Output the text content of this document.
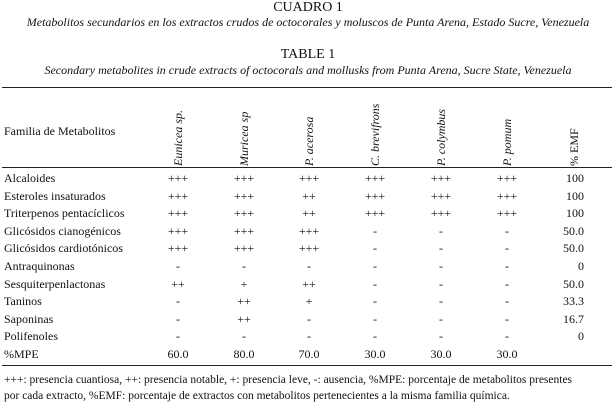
CUADRO 1
Metabolitos secundarios en los extractos crudos de octocorales y moluscos de Punta Arena, Estado Sucre, Venezuela
TABLE 1
Secondary metabolites in crude extracts of octocorals and mollusks from Punta Arena, Sucre State, Venezuela
Familia de Metabolitos	Eunicea sp.	Muricea sp	P. acerosa	C. brevifrons	P. colymbus	P. pomum	% EMF
Alcaloides	+++	+++	+++	+++	+++	+++	100
Esteroles insaturados	+++	+++	++	+++	+++	+++	100
Triterpenos pentacíclicos	+++	+++	++	+++	+++	+++	100
Glicósidos cianogénicos	+++	+++	+++	-	-	-	50.0
Glicósidos cardiotónicos	+++	+++	+++	-	-	-	50.0
Antraquinonas	-	-	-	-	-	-	0
Sesquiterpenlactonas	++	+	++	-	-	-	50.0
Taninos	-	++	+	-	-	-	33.3
Saponinas	-	++	-	-	-	-	16.7
Polifenoles	-	-	-	-	-	-	0
%MPE	60.0	80.0	70.0	30.0	30.0	30.0
+++: presencia cuantiosa, ++: presencia notable, +: presencia leve, -: ausencia, %MPE: porcentaje de metabolitos presentes
por cada extracto, %EMF: porcentaje de extractos con metabolitos pertenecientes a la misma familia química.
